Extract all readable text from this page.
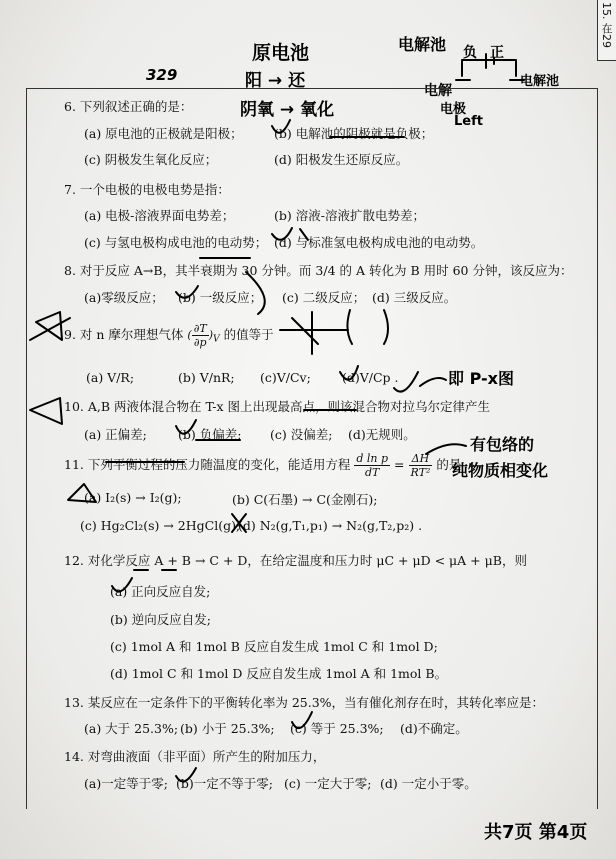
15. 在29
329
原电池
阳 → 还
阴氧 → 氧化
电解池 负 正
电解
电极
Left
电解池
6. 下列叙述正确的是：
(a) 原电池的正极就是阳极；	(b) 电解池的阴极就是负极；
(c) 阴极发生氧化反应；	(d) 阳极发生还原反应。
7. 一个电极的电极电势是指：
(a) 电极-溶液界面电势差；	(b) 溶液-溶液扩散电势差；
(c) 与氢电极构成电池的电动势； (d) 与标准氢电极构成电池的电动势。
8. 对于反应 A→B，其半衰期为 30 分钟。而 3/4 的 A 转化为 B 用时 60 分钟，该反应为：
(a)零级反应； (b) 一级反应； (c) 二级反应； (d) 三级反应。
9. 对 n 摩尔理想气体 ( $\frac{\partial T}{\partial p} )_V$ 的值等于
(a) V/R;	(b) V/nR; (c)V/Cv; (d)V/Cp .	即 P-x图
10. A,B 两液体混合物在 T-x 图上出现最高点，则该混合物对拉乌尔定律产生
(a) 正偏差; (b) 负偏差; (c) 没偏差; (d)无规则。
11. 下列平衡过程的压力随温度的变化，能适用方程 $\frac{\text{d ln p}}{dT} = \frac{\Delta H}{\text{RT²}}$ 的是
有包络的
纯物质相变化
(a) I₂(s) → I₂(g);	(b) C(石墨) → C(金刚石);
(c) Hg₂Cl₂(s) → 2HgCl(g);
(d) N₂(g,T₁,p₁) → N₂(g,T₂,p₂) .
12. 对化学反应 A + B → C + D，在给定温度和压力时 μC + μD < μA + μB，则
(a) 正向反应自发;
(b) 逆向反应自发;
(c) 1mol A 和 1mol B 反应自发生成 1mol C 和 1mol D;
(d) 1mol C 和 1mol D 反应自发生成 1mol A 和 1mol B。
13. 某反应在一定条件下的平衡转化率为 25.3%，当有催化剂存在时，其转化率应是：
(a) 大于 25.3%; (b) 小于 25.3%; (c) 等于 25.3%; (d)不确定。
14. 对弯曲液面（非平面）所产生的附加压力，
(a)一定等于零; (b)一定不等于零; (c) 一定大于零; (d) 一定小于零。
共7页 第4页
